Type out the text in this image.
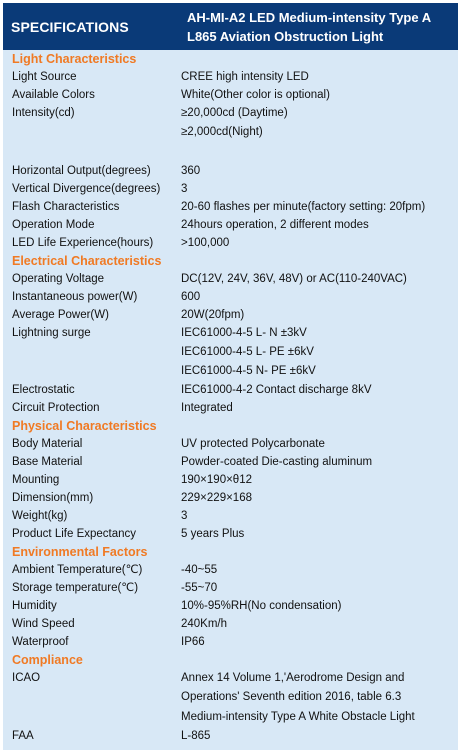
SPECIFICATIONS
AH-MI-A2 LED Medium-intensity Type A
L865 Aviation Obstruction Light
Light Characteristics
Light Source	CREE high intensity LED
Available Colors	White(Other color is optional)
Intensity(cd)	≥20,000cd (Daytime)
≥2,000cd(Night)
Horizontal Output(degrees)	360
Vertical Divergence(degrees)	3
Flash Characteristics	20-60 flashes per minute(factory setting: 20fpm)
Operation Mode	24hours operation, 2 different modes
LED Life Experience(hours)	>100,000
Electrical Characteristics
Operating Voltage	DC(12V, 24V, 36V, 48V) or AC(110-240VAC)
Instantaneous power(W)	600
Average Power(W)	20W(20fpm)
Lightning surge	IEC61000-4-5 L- N ±3kV
IEC61000-4-5 L- PE ±6kV
IEC61000-4-5 N- PE ±6kV
Electrostatic	IEC61000-4-2 Contact discharge 8kV
Circuit Protection	Integrated
Physical Characteristics
Body Material	UV protected Polycarbonate
Base Material	Powder-coated Die-casting aluminum
Mounting	190×190×θ12
Dimension(mm)	229×229×168
Weight(kg)	3
Product Life Expectancy	5 years Plus
Environmental Factors
Ambient Temperature(℃)	-40~55
Storage temperature(℃)	-55~70
Humidity	10%-95%RH(No condensation)
Wind Speed	240Km/h
Waterproof	IP66
Compliance
ICAO	Annex 14 Volume 1,'Aerodrome Design and
Operations' Seventh edition 2016, table 6.3
Medium-intensity Type A White Obstacle Light
FAA	L-865
